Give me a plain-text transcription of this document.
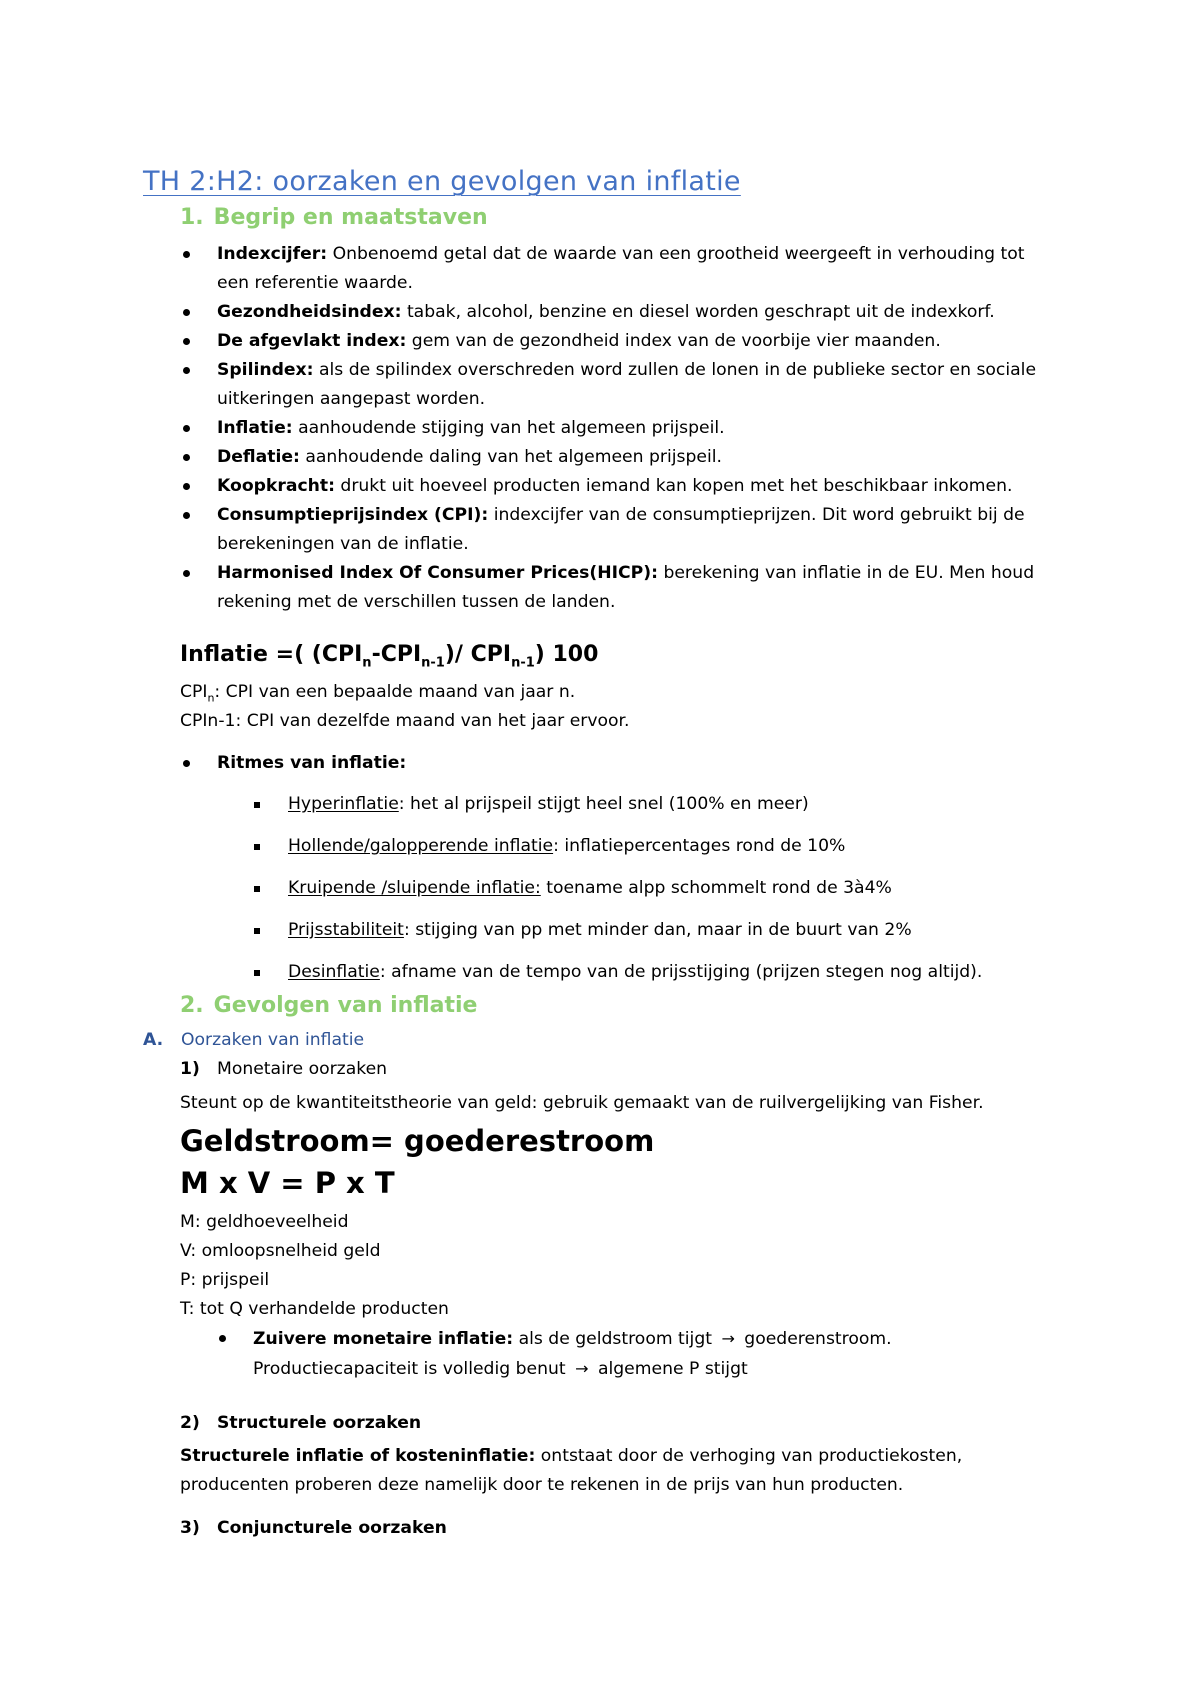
TH 2:H2: oorzaken en gevolgen van inflatie
1. Begrip en maatstaven
Indexcijfer: Onbenoemd getal dat de waarde van een grootheid weergeeft in verhouding tot
een referentie waarde.
Gezondheidsindex: tabak, alcohol, benzine en diesel worden geschrapt uit de indexkorf.
De afgevlakt index: gem van de gezondheid index van de voorbije vier maanden.
Spilindex: als de spilindex overschreden word zullen de lonen in de publieke sector en sociale
uitkeringen aangepast worden.
Inflatie: aanhoudende stijging van het algemeen prijspeil.
Deflatie: aanhoudende daling van het algemeen prijspeil.
Koopkracht: drukt uit hoeveel producten iemand kan kopen met het beschikbaar inkomen.
Consumptieprijsindex (CPI): indexcijfer van de consumptieprijzen. Dit word gebruikt bij de
berekeningen van de inflatie.
Harmonised Index Of Consumer Prices(HICP): berekening van inflatie in de EU. Men houd
rekening met de verschillen tussen de landen.
Inflatie =( $(CPI_n-CPI_{n-1})/$ $CPI_{n-1}$) 100
$CPI_n$: CPI van een bepaalde maand van jaar n.
CPIn-1: CPI van dezelfde maand van het jaar ervoor.
Ritmes van inflatie:
Hyperinflatie: het al prijspeil stijgt heel snel (100% en meer)
Hollende/galopperende inflatie: inflatiepercentages rond de 10%
Kruipende /sluipende inflatie: toename alpp schommelt rond de 3à4%
Prijsstabiliteit: stijging van pp met minder dan, maar in de buurt van 2%
Desinflatie: afname van de tempo van de prijsstijging (prijzen stegen nog altijd).
2. Gevolgen van inflatie
A. Oorzaken van inflatie
1) Monetaire oorzaken
Steunt op de kwantiteitstheorie van geld: gebruik gemaakt van de ruilvergelijking van Fisher.
Geldstroom= goederestroom
M x V = P x T
M: geldhoeveelheid
V: omloopsnelheid geld
P: prijspeil
T: tot Q verhandelde producten
Zuivere monetaire inflatie: als de geldstroom tijgt → goederenstroom.
Productiecapaciteit is volledig benut → algemene P stijgt
2) Structurele oorzaken
Structurele inflatie of kosteninflatie: ontstaat door de verhoging van productiekosten,
producenten proberen deze namelijk door te rekenen in de prijs van hun producten.
3) Conjuncturele oorzaken
